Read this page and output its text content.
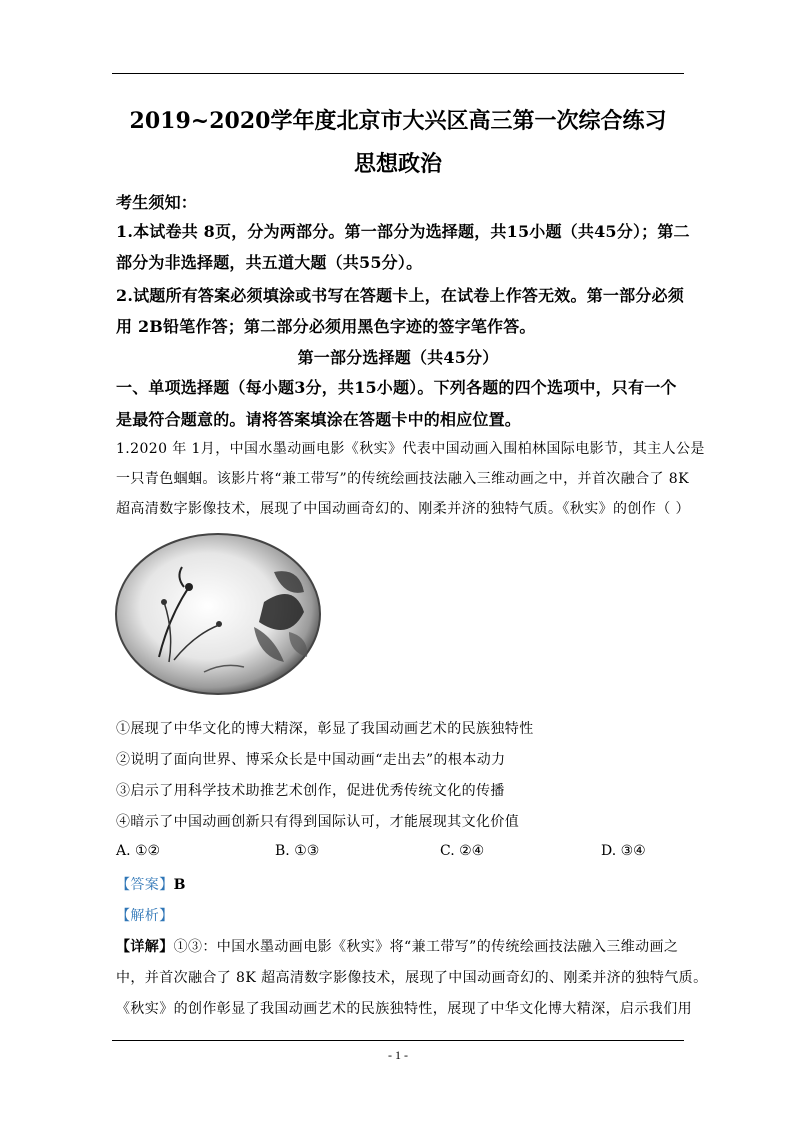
2019~2020学年度北京市大兴区高三第一次综合练习
思想政治
考生须知：
1.本试卷共 8页，分为两部分。第一部分为选择题，共15小题（共45分）；第二
部分为非选择题，共五道大题（共55分）。
2.试题所有答案必须填涂或书写在答题卡上，在试卷上作答无效。第一部分必须
用 2B铅笔作答；第二部分必须用黑色字迹的签字笔作答。
第一部分选择题（共45分）
一、单项选择题（每小题3分，共15小题）。下列各题的四个选项中，只有一个
是最符合题意的。请将答案填涂在答题卡中的相应位置。
1.2020 年 1月，中国水墨动画电影《秋实》代表中国动画入围柏林国际电影节，其主人公是
一只青色蝈蝈。该影片将“兼工带写”的传统绘画技法融入三维动画之中，并首次融合了 8K
超高清数字影像技术，展现了中国动画奇幻的、刚柔并济的独特气质。《秋实》的创作（ ）
①展现了中华文化的博大精深，彰显了我国动画艺术的民族独特性
②说明了面向世界、博采众长是中国动画“走出去”的根本动力
③启示了用科学技术助推艺术创作，促进优秀传统文化的传播
④暗示了中国动画创新只有得到国际认可，才能展现其文化价值
A. ①②	B. ①③	C. ②④	D. ③④
【答案】B
【解析】
【详解】①③：中国水墨动画电影《秋实》将“兼工带写”的传统绘画技法融入三维动画之
中，并首次融合了 8K 超高清数字影像技术，展现了中国动画奇幻的、刚柔并济的独特气质。
《秋实》的创作彰显了我国动画艺术的民族独特性，展现了中华文化博大精深，启示我们用
- 1 -
